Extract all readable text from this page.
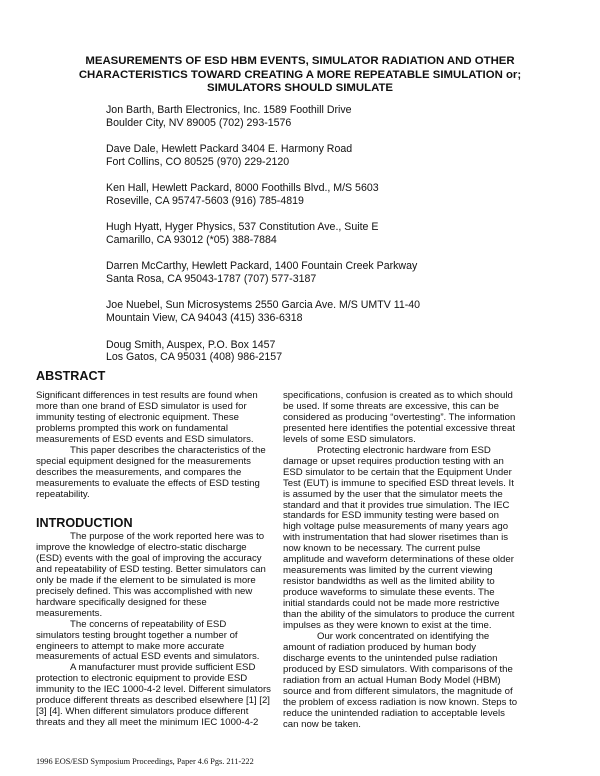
MEASUREMENTS OF ESD HBM EVENTS, SIMULATOR RADIATION AND OTHER
CHARACTERISTICS TOWARD CREATING A MORE REPEATABLE SIMULATION or;
SIMULATORS SHOULD SIMULATE
Jon Barth, Barth Electronics, Inc. 1589 Foothill Drive
Boulder City, NV 89005 (702) 293-1576
Dave Dale, Hewlett Packard 3404 E. Harmony Road
Fort Collins, CO 80525 (970) 229-2120
Ken Hall, Hewlett Packard, 8000 Foothills Blvd., M/S 5603
Roseville, CA 95747-5603 (916) 785-4819
Hugh Hyatt, Hyger Physics, 537 Constitution Ave., Suite E
Camarillo, CA 93012 (*05) 388-7884
Darren McCarthy, Hewlett Packard, 1400 Fountain Creek Parkway
Santa Rosa, CA 95043-1787 (707) 577-3187
Joe Nuebel, Sun Microsystems 2550 Garcia Ave. M/S UMTV 11-40
Mountain View, CA 94043 (415) 336-6318
Doug Smith, Auspex, P.O. Box 1457
Los Gatos, CA 95031 (408) 986-2157
ABSTRACT

Significant differences in test results are found when more than one brand of ESD simulator is used for immunity testing of electronic equipment. These problems prompted this work on fundamental measurements of ESD events and ESD simulators.

This paper describes the characteristics of the special equipment designed for the measurements describes the measurements, and compares the measurements to evaluate the effects of ESD testing repeatability.

INTRODUCTION

The purpose of the work reported here was to improve the knowledge of electro-static discharge (ESD) events with the goal of improving the accuracy and repeatability of ESD testing. Better simulators can only be made if the element to be simulated is more precisely defined. This was accomplished with new hardware specifically designed for these measurements.

The concerns of repeatability of ESD simulators testing brought together a number of engineers to attempt to make more accurate measurements of actual ESD events and simulators.

A manufacturer must provide sufficient ESD protection to electronic equipment to provide ESD immunity to the IEC 1000-4-2 level. Different simulators produce different threats as described elsewhere [1] [2] [3] [4]. When different simulators produce different threats and they all meet the minimum IEC 1000-4-2

specifications, confusion is created as to which should be used. If some threats are excessive, this can be considered as producing “overtesting”. The information presented here identifies the potential excessive threat levels of some ESD simulators.

Protecting electronic hardware from ESD damage or upset requires production testing with an ESD simulator to be certain that the Equipment Under Test (EUT) is immune to specified ESD threat levels. It is assumed by the user that the simulator meets the standard and that it provides true simulation. The IEC standards for ESD immunity testing were based on high voltage pulse measurements of many years ago with instrumentation that had slower risetimes than is now known to be necessary. The current pulse amplitude and waveform determinations of these older measurements was limited by the current viewing resistor bandwidths as well as the limited ability to produce waveforms to simulate these events. The initial standards could not be made more restrictive than the ability of the simulators to produce the current impulses as they were known to exist at the time.

Our work concentrated on identifying the amount of radiation produced by human body discharge events to the unintended pulse radiation produced by ESD simulators. With comparisons of the radiation from an actual Human Body Model (HBM) source and from different simulators, the magnitude of the problem of excess radiation is now known. Steps to reduce the unintended radiation to acceptable levels can now be taken.

1996 EOS/ESD Symposium Proceedings, Paper 4.6 Pgs. 211-222
